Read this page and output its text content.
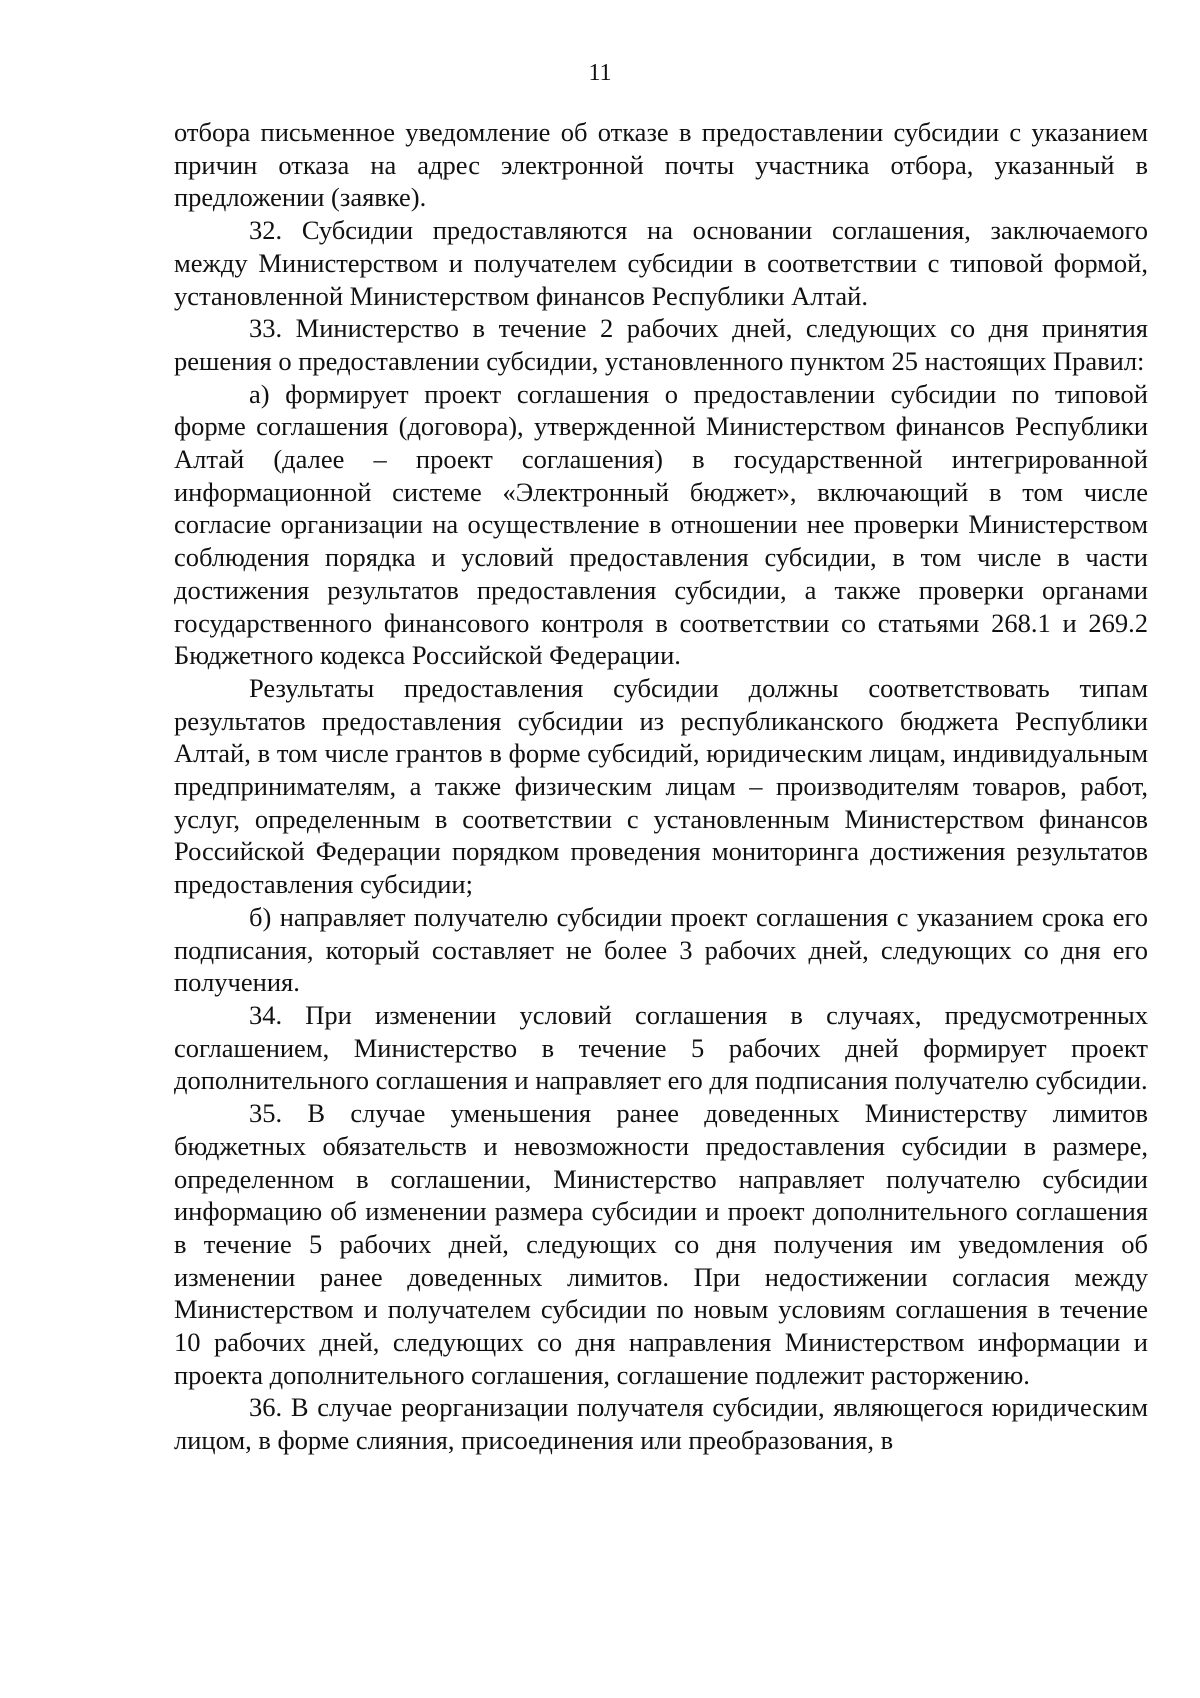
11

отбора письменное уведомление об отказе в предоставлении субсидии с указанием причин отказа на адрес электронной почты участника отбора, указанный в предложении (заявке).

32. Субсидии предоставляются на основании соглашения, заключаемого между Министерством и получателем субсидии в соответствии с типовой формой, установленной Министерством финансов Республики Алтай.

33. Министерство в течение 2 рабочих дней, следующих со дня принятия решения о предоставлении субсидии, установленного пунктом 25 настоящих Правил:

а) формирует проект соглашения о предоставлении субсидии по типовой форме соглашения (договора), утвержденной Министерством финансов Республики Алтай (далее – проект соглашения) в государственной интегрированной информационной системе «Электронный бюджет», включающий в том числе согласие организации на осуществление в отношении нее проверки Министерством соблюдения порядка и условий предоставления субсидии, в том числе в части достижения результатов предоставления субсидии, а также проверки органами государственного финансового контроля в соответствии со статьями 268.1 и 269.2 Бюджетного кодекса Российской Федерации.

Результаты предоставления субсидии должны соответствовать типам результатов предоставления субсидии из республиканского бюджета Республики Алтай, в том числе грантов в форме субсидий, юридическим лицам, индивидуальным предпринимателям, а также физическим лицам – производителям товаров, работ, услуг, определенным в соответствии с установленным Министерством финансов Российской Федерации порядком проведения мониторинга достижения результатов предоставления субсидии;

б) направляет получателю субсидии проект соглашения с указанием срока его подписания, который составляет не более 3 рабочих дней, следующих со дня его получения.

34. При изменении условий соглашения в случаях, предусмотренных соглашением, Министерство в течение 5 рабочих дней формирует проект дополнительного соглашения и направляет его для подписания получателю субсидии.

35. В случае уменьшения ранее доведенных Министерству лимитов бюджетных обязательств и невозможности предоставления субсидии в размере, определенном в соглашении, Министерство направляет получателю субсидии информацию об изменении размера субсидии и проект дополнительного соглашения в течение 5 рабочих дней, следующих со дня получения им уведомления об изменении ранее доведенных лимитов. При недостижении согласия между Министерством и получателем субсидии по новым условиям соглашения в течение 10 рабочих дней, следующих со дня направления Министерством информации и проекта дополнительного соглашения, соглашение подлежит расторжению.

36. В случае реорганизации получателя субсидии, являющегося юридическим лицом, в форме слияния, присоединения или преобразования, в
